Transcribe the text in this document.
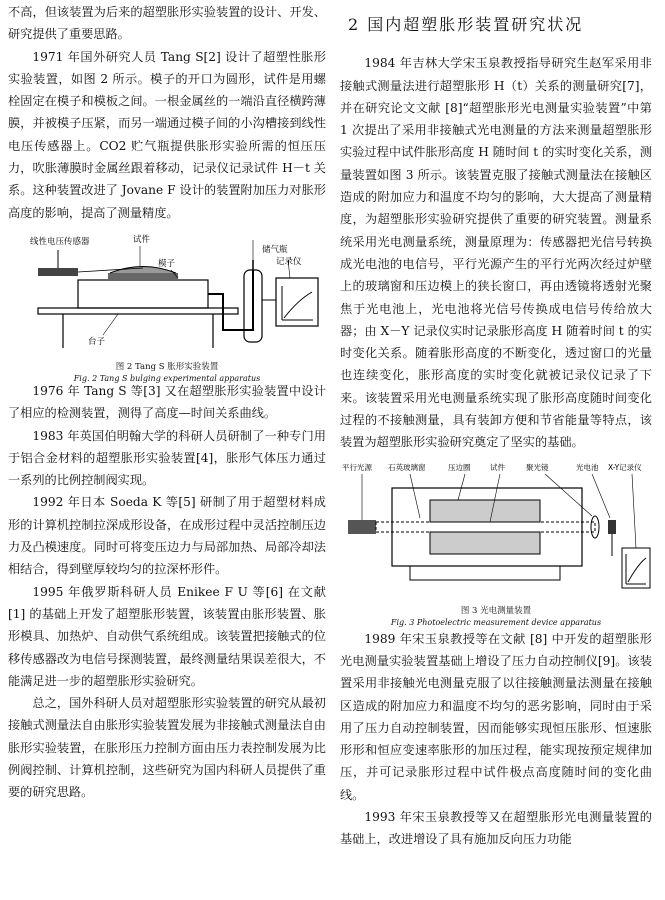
不高，但该装置为后来的超塑胀形实验装置的设计、开发、研究提供了重要思路。

1971 年国外研究人员 Tang S[2] 设计了超塑性胀形实验装置，如图 2 所示。模子的开口为圆形，试件是用螺栓固定在模子和模板之间。一根金属丝的一端沿直径横跨薄膜，并被模子压紧，而另一端通过模子间的小沟槽接到线性电压传感器上。CO2 贮气瓶提供胀形实验所需的恒压压力，吹胀薄膜时金属丝跟着移动，记录仪记录试件 H－t 关系。这种装置改进了 Jovane F 设计的装置附加压力对胀形高度的影响，提高了测量精度。

线性电压传感器	试件
储气瓶
模子	记录仪
台子
图 2 Tang S 胀形实验装置
Fig. 2 Tang S bulging experimental apparatus

1976 年 Tang S 等[3] 又在超塑胀形实验装置中设计了相应的检测装置，测得了高度—时间关系曲线。

1983 年英国伯明翰大学的科研人员研制了一种专门用于铝合金材料的超塑胀形实验装置[4]，胀形气体压力通过一系列的比例控制阀实现。

1992 年日本 Soeda K 等[5] 研制了用于超塑材料成形的计算机控制拉深成形设备，在成形过程中灵活控制压边力及凸模速度。同时可将变压边力与局部加热、局部冷却法相结合，得到壁厚较均匀的拉深杯形件。

1995 年俄罗斯科研人员 Enikee F U 等[6] 在文献 [1] 的基础上开发了超塑胀形装置，该装置由胀形装置、胀形模具、加热炉、自动供气系统组成。该装置把接触式的位移传感器改为电信号探测装置，最终测量结果误差很大，不能满足进一步的超塑胀形实验研究。

总之，国外科研人员对超塑胀形实验装置的研究从最初接触式测量法自由胀形实验装置发展为非接触式测量法自由胀形实验装置，在胀形压力控制方面由压力表控制发展为比例阀控制、计算机控制，这些研究为国内科研人员提供了重要的研究思路。

2 国内超塑胀形装置研究状况

1984 年吉林大学宋玉泉教授指导研究生赵军采用非接触式测量法进行超塑胀形 H（t）关系的测量研究[7]，并在研究论文文献 [8]“超塑胀形光电测量实验装置”中第 1 次提出了采用非接触式光电测量的方法来测量超塑胀形实验过程中试件胀形高度 H 随时间 t 的实时变化关系，测量装置如图 3 所示。该装置克服了接触式测量法在接触区造成的附加应力和温度不均匀的影响，大大提高了测量精度，为超塑胀形实验研究提供了重要的研究装置。测量系统采用光电测量系统，测量原理为：传感器把光信号转换成光电池的电信号，平行光源产生的平行光两次经过炉壁上的玻璃窗和压边模上的狭长窗口，再由透镜将透射光聚焦于光电池上，光电池将光信号传换成电信号传给放大器；由 X－Y 记录仪实时记录胀形高度 H 随着时间 t 的实时变化关系。随着胀形高度的不断变化，透过窗口的光量也连续变化，胀形高度的实时变化就被记录仪记录了下来。该装置采用光电测量系统实现了胀形高度随时间变化过程的不接触测量，具有装卸方便和节省能量等特点，该装置为超塑胀形实验研究奠定了坚实的基础。

平行光源 石英玻璃窗	压边圈	试件	聚光镜	光电池 X-Y记录仪
图 3 光电测量装置
Fig. 3 Photoelectric measurement device apparatus

1989 年宋玉泉教授等在文献 [8] 中开发的超塑胀形光电测量实验装置基础上增设了压力自动控制仪[9]。该装置采用非接触光电测量克服了以往接触测量法测量在接触区造成的附加应力和温度不均匀的恶劣影响，同时由于采用了压力自动控制装置，因而能够实现恒压胀形、恒速胀形形和恒应变速率胀形的加压过程，能实现按预定规律加压，并可记录胀形过程中试件极点高度随时间的变化曲线。

1993 年宋玉泉教授等又在超塑胀形光电测量装置的基础上，改进增设了具有施加反向压力功能
